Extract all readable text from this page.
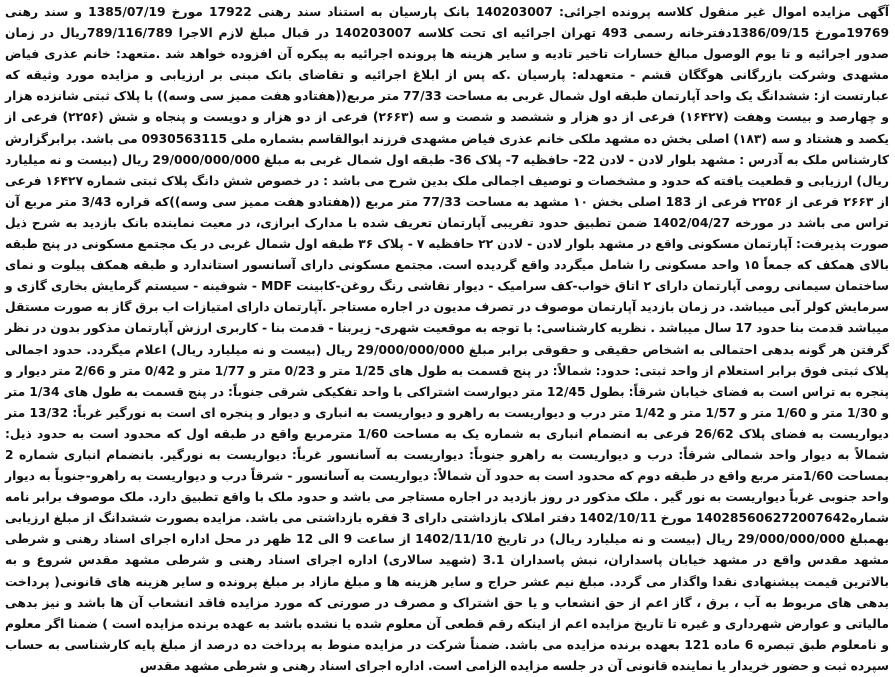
آگهی مزایده اموال غیر منقول کلاسه پرونده اجرائی: 140203007 بانک پارسیان به استناد سند رهنی 17922 مورخ 1385/07/19 و سند رهنی 19769مورخ 1386/09/15دفترخانه رسمی 493 تهران اجرائیه ای تحت کلاسه 140203007 در قبال مبلغ لازم الاجرا 789/116/789ریال در زمان صدور اجرائیه و تا یوم الوصول مبالغ خسارات تاخیر تادیه و سایر هزینه ها پرونده اجرائیه به پیکره آن افزوده خواهد شد .متعهد: خانم عذری فیاض مشهدی وشرکت بازرگانی هوگگان قشم - متعهدله: پارسیان .که پس از ابلاغ اجرائیه و تقاضای بانک مبنی بر ارزیابی و مزایده مورد وثیقه که عبارتست از: ششدانگ یک واحد آپارتمان طبقه اول شمال غربی به مساحت 77/33 متر مربع((هفتادو هفت ممیز سی وسه)) با پلاک ثبتی شانزده هزار و چهارصد و بیست وهفت (۱۶۴۲۷) فرعی از دو هزار و ششصد و شصت و سه (۲۶۶۳) فرعی از دو هزار و دویست و پنجاه و شش (۲۲۵۶) فرعی از یکصد و هشتاد و سه (۱۸۳) اصلی بخش ده مشهد ملکی خانم عذری فیاض مشهدی فرزند ابوالقاسم بشماره ملی 0930563115 می باشد. برابرگزارش کارشناس ملک به آدرس : مشهد بلوار لادن - لادن 22- حافظیه 7- پلاک 36- طبقه اول شمال غربی به مبلغ 29/000/000/000 ریال (بیست و نه میلیارد ریال) ارزیابی و قطعیت یافته که حدود و مشخصات و توصیف اجمالی ملک بدین شرح می باشد : در خصوص شش دانگ پلاک ثبتی شماره ۱۶۴۲۷ فرعی از ۲۶۶۳ فرعی از ۲۲۵۶ فرعی از 183 اصلی بخش ۱۰ مشهد به مساحت 77/33 متر مربع ((هفتادو هفت ممیز سی وسه))که قراره 3/43 متر مربع آن تراس می باشد در مورخه 1402/04/27 ضمن تطبیق حدود تفریبی آپارتمان تعریف شده با مدارک ابرازی، در معیت نماینده بانک بازدید به شرح ذیل صورت پذیرفت: آپارتمان مسکونی واقع در مشهد بلوار لادن - لادن ۲۲ حافظیه ۷ - پلاک ۳۶ طبقه اول شمال غربی در یک مجتمع مسکونی در پنج طبقه بالای همکف که جمعاً ۱۵ واحد مسکونی را شامل میگردد واقع گردیده است. مجتمع مسکونی دارای آسانسور استاندارد و طبقه همکف پیلوت و نمای ساختمان سیمانی رومی آپارتمان دارای ۲ اتاق خواب-کف سرامیک - دیوار نقاشی رنگ روغن-کابینت MDF - شوفینه - سیستم گرمایش بخاری گازی و سرمایش کولر آبی میباشد. در زمان بازدید آپارتمان موصوف در تصرف مدیون در اجاره مستاجر .آپارتمان دارای امتیازات اب برق گاز به صورت مستقل میباشد قدمت بنا حدود 17 سال میباشد . نظریه کارشناسی: با توجه به موقعیت شهری- زیربنا - قدمت بنا - کاربری ارزش آپارتمان مذکور بدون در نظر گرفتن هر گونه بدهی احتمالی به اشخاص حقیقی و حقوقی برابر مبلغ 29/000/000/000 ریال (بیست و نه میلیارد ریال) اعلام میگردد. حدود اجمالی پلاک ثبتی فوق برابر استعلام از واحد ثبتی: حدود: شمالاً: در پنج قسمت به طول های 1/25 متر و 0/23 متر و 1/77 متر و 0/42 متر و 2/66 متر دیوار و پنجره به تراس است به فضای خیابان شرقاً: بطول 12/45 متر دیوارست اشتراکی با واحد تفکیکی شرقی جنوباً: در پنج قسمت به طول های 1/34 متر و 1/30 متر و 1/60 متر و 1/57 متر و 1/42 متر درب و دیواریست به راهرو و دیواریست به انباری و دیوار و پنجره ای است به نورگیر غرباً: 13/32 متر دیواریست به فضای پلاک 26/62 فرعی به انضمام انباری به شماره یک به مساحت 1/60 مترمربع واقع در طبقه اول که محدود است به حدود ذیل: شمالاً به دیوار واحد شمالی شرقاً: درب و دیواریست به راهرو جنوباً: دیواریست به آسانسور غرباً: دیواریست به نورگیر. بانضمام انباری شماره 2 بمساحت 1/60متر مربع واقع در طبقه دوم که محدود است به حدود آن شمالاً: دیواریست به آسانسور - شرقاً درب و دیواریست به راهرو-جنوباً به دیوار واحد جنوبی غرباً دیواریست به نور گیر . ملک مذکور در روز بازدید در اجاره مستاجر می باشد و حدود ملک با واقع تطبیق دارد. ملک موصوف برابر نامه شماره140285606272007642 مورخ 1402/10/11 دفتر املاک بازداشتی دارای 3 فقره بازداشتی می باشد. مزایده بصورت ششدانگ از مبلغ ارزیابی بهمبلغ 29/000/000/000 ریال (بیست و نه میلیارد ریال) در تاریخ 1402/11/10 از ساعت 9 الی 12 ظهر در محل اداره اجرای اسناد رهنی و شرطی مشهد مقدس واقع در مشهد خیابان پاسداران، نبش پاسداران 3.1 (شهید سالاری) اداره اجرای اسناد رهنی و شرطی مشهد مقدس شروع و به بالاترین قیمت پیشنهادی نقدا واگذار می گردد. مبلغ نیم عشر حراج و سایر هزینه ها و مبلغ مازاد بر مبلغ پرونده و سایر هزینه های قانونی( پرداخت بدهی های مربوط به آب ، برق ، گاز اعم از حق انشعاب و یا حق اشتراک و مصرف در صورتی که مورد مزایده فاقد انشعاب آن ها باشد و نیز بدهی مالیاتی و عوارض شهرداری و غیره تا تاریخ مزایده اعم از اینکه رقم قطعی آن معلوم شده یا نشده باشد به عهده برنده مزایده است ) ضمنا اگر معلوم و نامعلوم طبق تبصره 6 ماده 121 بعهده برنده مزایده می باشد. ضمناً شرکت در مزایده منوط به پرداخت ده درصد از مبلغ پایه کارشناسی به حساب سپرده ثبت و حضور خریدار یا نماینده قانونی آن در جلسه مزایده الزامی است. اداره اجرای اسناد رهنی و شرطی مشهد مقدس
